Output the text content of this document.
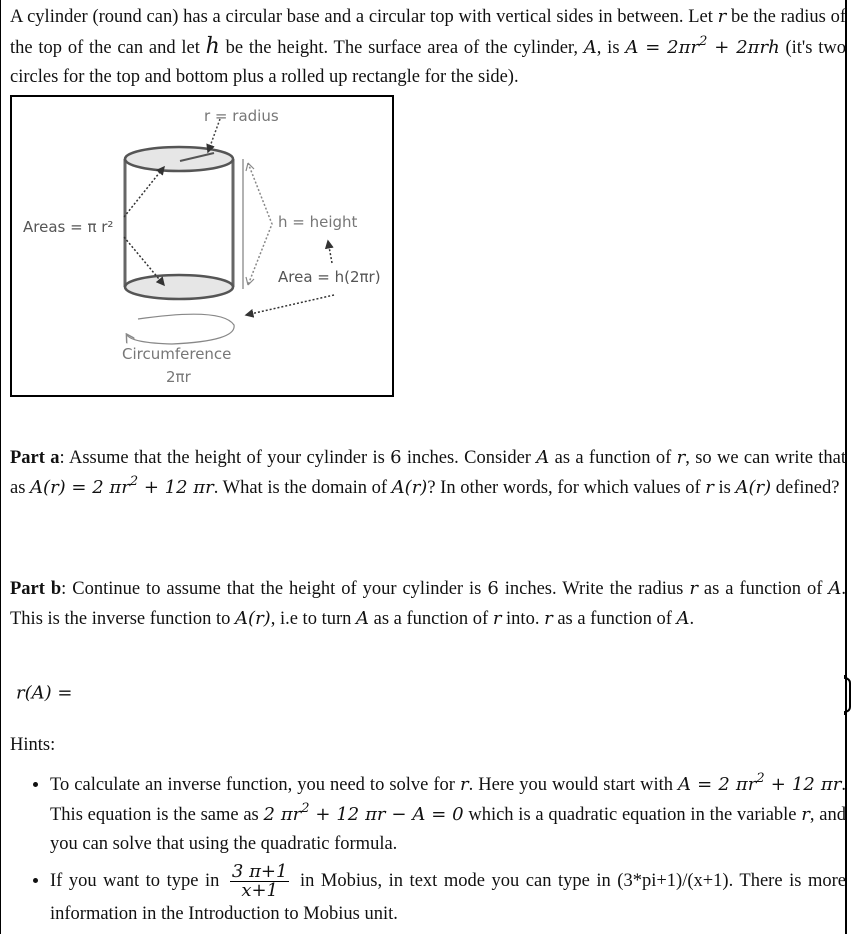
A cylinder (round can) has a circular base and a circular top with vertical sides in between. Let r be the radius of the top of the can and let h be the height. The surface area of the cylinder, A, is $A = 2\pi r^2 + 2\pi rh$ (it's two circles for the top and bottom plus a rolled up rectangle for the side).
r = radius
Areas = π r²	h = height
Area = h(2πr)
Circumference
2πr
Part a: Assume that the height of your cylinder is 6 inches. Consider A as a function of r, so we can write that as A(r) = 2 $\pi r^2 + 12$ πr. What is the domain of A(r)? In other words, for which values of r is A(r) defined?
Part b: Continue to assume that the height of your cylinder is 6 inches. Write the radius r as a function of A. This is the inverse function to A(r), i.e to turn A as a function of r into. r as a function of A.
r(A) =
Hints:
• To calculate an inverse function, you need to solve for r. Here you would start with A = 2 $\pi r^2 + 12$ πr. This equation is the same as 2 $\pi r^2 + 12$ πr − A = 0 which is a quadratic equation in the variable r, and you can solve that using the quadratic formula.
• If you want to type in $\frac{3 \pi+1}{x+1}$ in Mobius, in text mode you can type in (3*pi+1)/(x+1). There is more information in the Introduction to Mobius unit.
